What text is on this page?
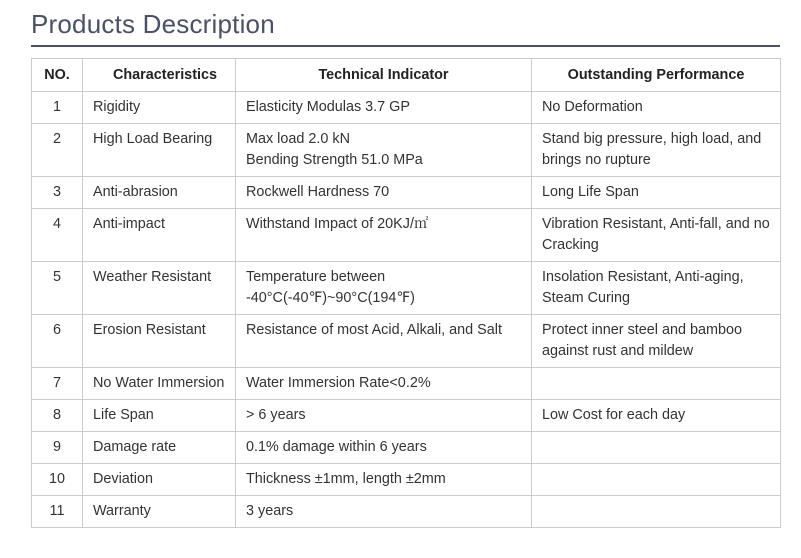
Products Description
NO.	Characteristics	Technical Indicator	Outstanding Performance
1	Rigidity	Elasticity Modulas 3.7 GP	No Deformation
2	High Load Bearing	Max load 2.0 kN
Bending Strength 51.0 MPa	Stand big pressure, high load, and brings no rupture
3	Anti-abrasion	Rockwell Hardness 70	Long Life Span
4	Anti-impact	Withstand Impact of 20KJ/㎡	Vibration Resistant, Anti-fall, and no Cracking
5	Weather Resistant	Temperature between
-40°C(-40℉)~90°C(194℉)	Insolation Resistant, Anti-aging, Steam Curing
6	Erosion Resistant	Resistance of most Acid, Alkali, and Salt	Protect inner steel and bamboo against rust and mildew
7	No Water Immersion	Water Immersion Rate<0.2%	

8	Life Span	> 6 years	Low Cost for each day
9	Damage rate	0.1% damage within 6 years	

10	Deviation	Thickness ±1mm, length ±2mm	

11	Warranty	3 years	
